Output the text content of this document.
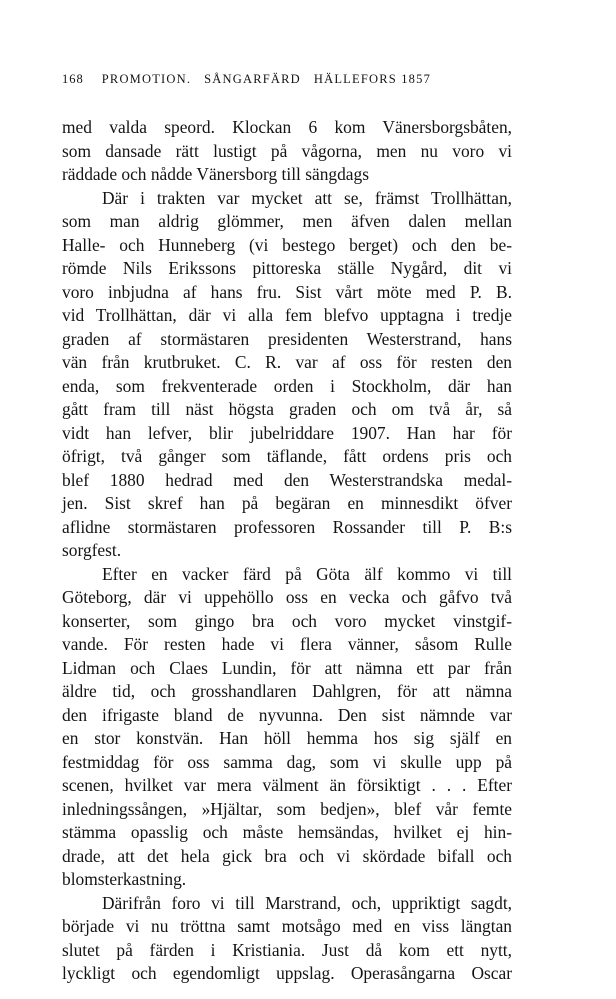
168 PROMOTION.   SÅNGARFÄRD   HÄLLEFORS 1857
med valda speord. Klockan 6 kom Vänersborgsbåten,
som dansade rätt lustigt på vågorna, men nu voro vi
räddade och nådde Vänersborg till sängdags
Där i trakten var mycket att se, främst Trollhättan,
som man aldrig glömmer, men äfven dalen mellan
Halle- och Hunneberg (vi bestego berget) och den be-
römde Nils Erikssons pittoreska ställe Nygård, dit vi
voro inbjudna af hans fru. Sist vårt möte med P. B.
vid Trollhättan, där vi alla fem blefvo upptagna i tredje
graden af stormästaren presidenten Westerstrand, hans
vän från krutbruket. C. R. var af oss för resten den
enda, som frekventerade orden i Stockholm, där han
gått fram till näst högsta graden och om två år, så
vidt han lefver, blir jubelriddare 1907. Han har för
öfrigt, två gånger som täflande, fått ordens pris och
blef 1880 hedrad med den Westerstrandska medal-
jen. Sist skref han på begäran en minnesdikt öfver
aflidne stormästaren professoren Rossander till P. B:s
sorgfest.
Efter en vacker färd på Göta älf kommo vi till
Göteborg, där vi uppehöllo oss en vecka och gåfvo två
konserter, som gingo bra och voro mycket vinstgif-
vande. För resten hade vi flera vänner, såsom Rulle
Lidman och Claes Lundin, för att nämna ett par från
äldre tid, och grosshandlaren Dahlgren, för att nämna
den ifrigaste bland de nyvunna. Den sist nämnde var
en stor konstvän. Han höll hemma hos sig själf en
festmiddag för oss samma dag, som vi skulle upp på
scenen, hvilket var mera välment än försiktigt . . . Efter
inledningssången, »Hjältar, som bedjen», blef vår femte
stämma opasslig och måste hemsändas, hvilket ej hin-
drade, att det hela gick bra och vi skördade bifall och
blomsterkastning.
Därifrån foro vi till Marstrand, och, uppriktigt sagdt,
började vi nu tröttna samt motsågo med en viss längtan
slutet på färden i Kristiania. Just då kom ett nytt,
lyckligt och egendomligt uppslag. Operasångarna Oscar
